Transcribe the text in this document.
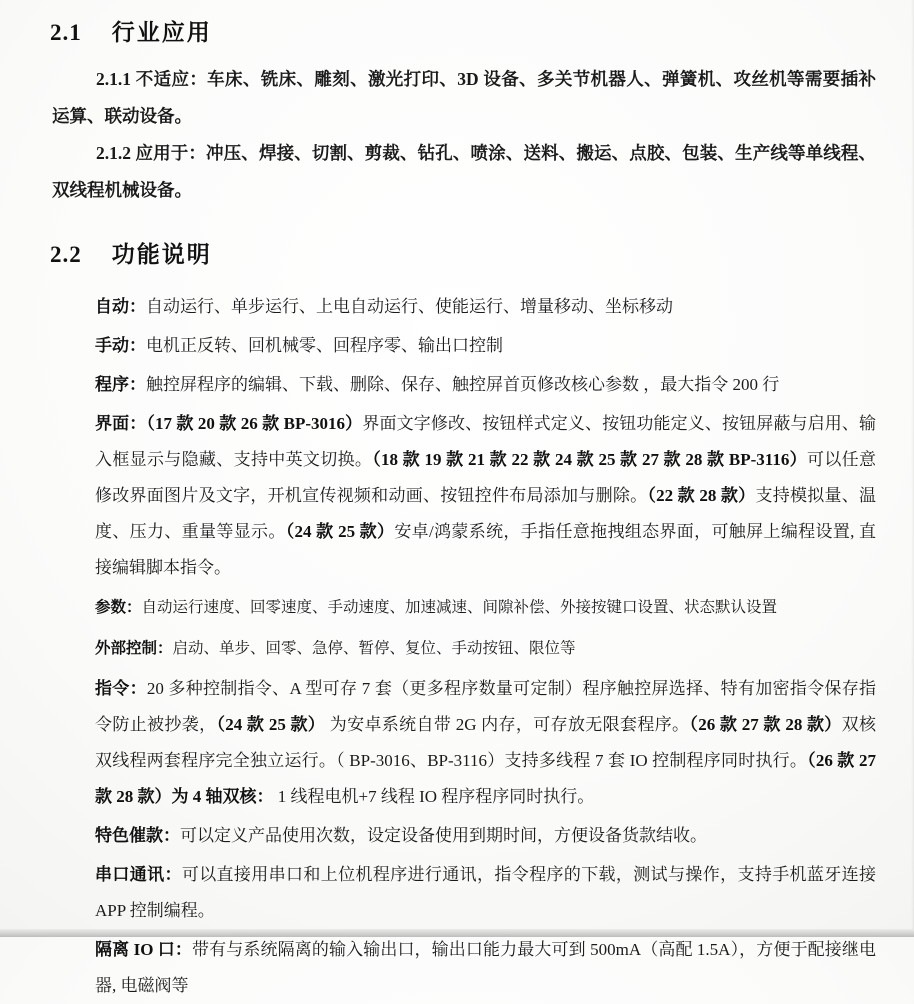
2.1 行业应用

2.1.1 不适应：车床、铣床、雕刻、激光打印、3D 设备、多关节机器人、弹簧机、攻丝机等需要插补运算、联动设备。

2.1.2 应用于：冲压、焊接、切割、剪裁、钻孔、喷涂、送料、搬运、点胶、包装、生产线等单线程、双线程机械设备。

2.2 功能说明

自动：自动运行、单步运行、上电自动运行、使能运行、增量移动、坐标移动

手动：电机正反转、回机械零、回程序零、输出口控制

程序：触控屏程序的编辑、下载、删除、保存、触控屏首页修改核心参数 ，最大指令 200 行

界面：（17 款 20 款 26 款 BP-3016）界面文字修改、按钮样式定义、按钮功能定义、按钮屏蔽与启用、输入框显示与隐藏、支持中英文切换。（18 款 19 款 21 款 22 款 24 款 25 款 27 款 28 款 BP-3116）可以任意修改界面图片及文字，开机宣传视频和动画、按钮控件布局添加与删除。（22 款 28 款）支持模拟量、温度、压力、重量等显示。（24 款 25 款）安卓/鸿蒙系统，手指任意拖拽组态界面，可触屏上编程设置, 直接编辑脚本指令。

参数：自动运行速度、回零速度、手动速度、加速减速、间隙补偿、外接按键口设置、状态默认设置

外部控制：启动、单步、回零、急停、暂停、复位、手动按钮、限位等

指令：20 多种控制指令、A 型可存 7 套（更多程序数量可定制）程序触控屏选择、特有加密指令保存指令防止被抄袭，（24 款 25 款） 为安卓系统自带 2G 内存，可存放无限套程序。（26 款 27 款 28 款）双核双线程两套程序完全独立运行。（ BP-3016、BP-3116）支持多线程 7 套 IO 控制程序同时执行。（26 款 27 款 28 款）为 4 轴双核： 1 线程电机+7 线程 IO 程序程序同时执行。

特色催款：可以定义产品使用次数，设定设备使用到期时间，方便设备货款结收。

串口通讯：可以直接用串口和上位机程序进行通讯，指令程序的下载，测试与操作，支持手机蓝牙连接 APP 控制编程。

隔离 IO 口：带有与系统隔离的输入输出口，输出口能力最大可到 500mA（高配 1.5A），方便于配接继电器, 电磁阀等
